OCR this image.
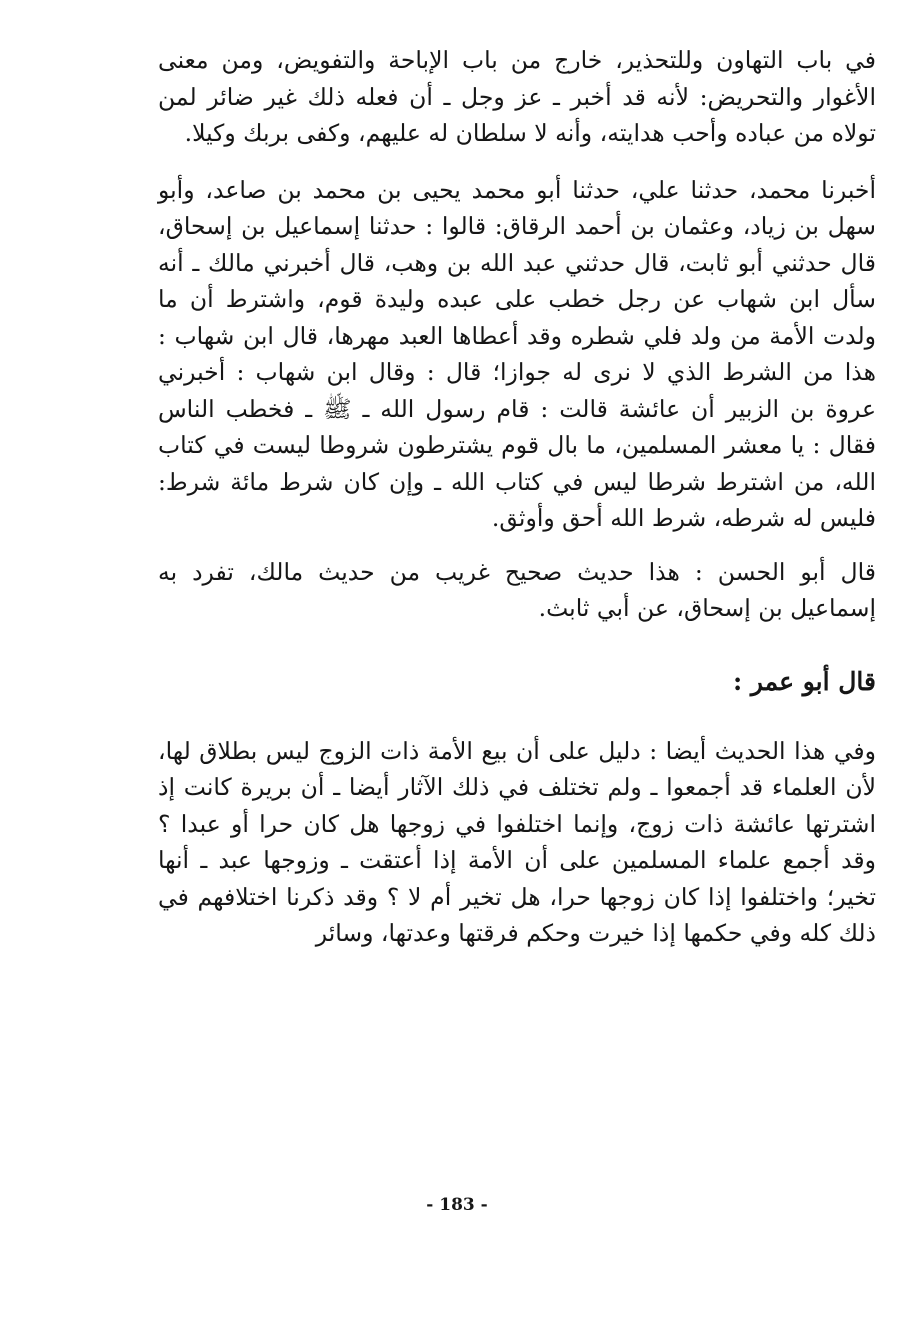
في باب التهاون وللتحذير، خارج من باب الإباحة والتفويض، ومن معنى الأغوار والتحريض: لأنه قد أخبر ـ عز وجل ـ أن فعله ذلك غير ضائر لمن تولاه من عباده وأحب هدايته، وأنه لا سلطان له عليهم، وكفى بربك وكيلا.

أخبرنا محمد، حدثنا علي، حدثنا أبو محمد يحيى بن محمد بن صاعد، وأبو سهل بن زياد، وعثمان بن أحمد الرقاق: قالوا : حدثنا إسماعيل بن إسحاق، قال حدثني أبو ثابت، قال حدثني عبد الله بن وهب، قال أخبرني مالك ـ أنه سأل ابن شهاب عن رجل خطب على عبده وليدة قوم، واشترط أن ما ولدت الأمة من ولد فلي شطره وقد أعطاها العبد مهرها، قال ابن شهاب : هذا من الشرط الذي لا نرى له جوازا؛ قال : وقال ابن شهاب : أخبرني عروة بن الزبير أن عائشة قالت : قام رسول الله ـ ﷺ ـ فخطب الناس فقال : يا معشر المسلمين، ما بال قوم يشترطون شروطا ليست في كتاب الله، من اشترط شرطا ليس في كتاب الله ـ وإن كان شرط مائة شرط: فليس له شرطه، شرط الله أحق وأوثق.

قال أبو الحسن : هذا حديث صحيح غريب من حديث مالك، تفرد به إسماعيل بن إسحاق، عن أبي ثابث.

قال أبو عمر :

وفي هذا الحديث أيضا : دليل على أن بيع الأمة ذات الزوج ليس بطلاق لها، لأن العلماء قد أجمعوا ـ ولم تختلف في ذلك الآثار أيضا ـ أن بريرة كانت إذ اشترتها عائشة ذات زوج، وإنما اختلفوا في زوجها هل كان حرا أو عبدا ؟ وقد أجمع علماء المسلمين على أن الأمة إذا أعتقت ـ وزوجها عبد ـ أنها تخير؛ واختلفوا إذا كان زوجها حرا، هل تخير أم لا ؟ وقد ذكرنا اختلافهم في ذلك كله وفي حكمها إذا خيرت وحكم فرقتها وعدتها، وسائر

- 183 -
